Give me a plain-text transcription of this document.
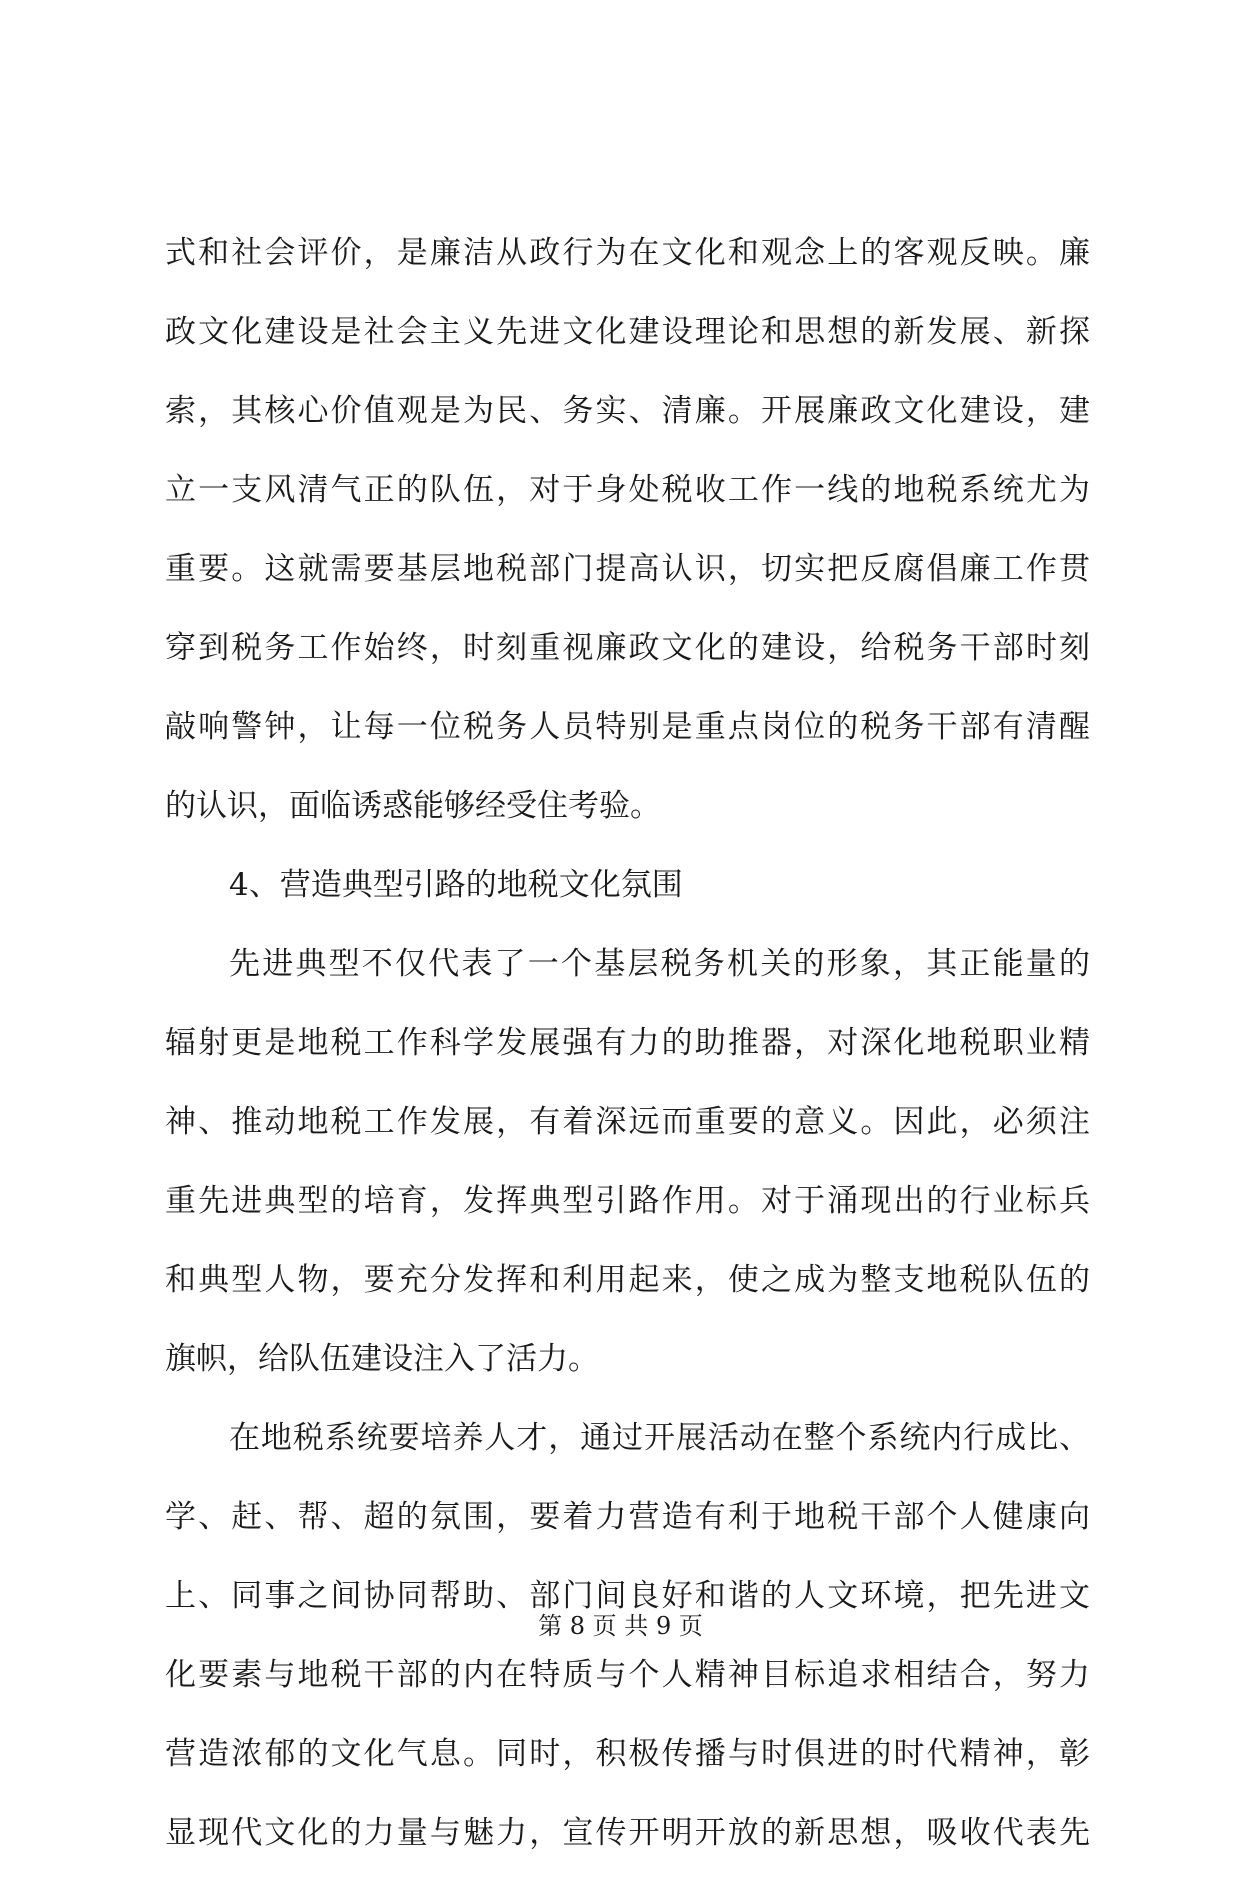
式和社会评价，是廉洁从政行为在文化和观念上的客观反映。廉
政文化建设是社会主义先进文化建设理论和思想的新发展、新探
索，其核心价值观是为民、务实、清廉。开展廉政文化建设，建
立一支风清气正的队伍，对于身处税收工作一线的地税系统尤为
重要。这就需要基层地税部门提高认识，切实把反腐倡廉工作贯
穿到税务工作始终，时刻重视廉政文化的建设，给税务干部时刻
敲响警钟，让每一位税务人员特别是重点岗位的税务干部有清醒
的认识，面临诱惑能够经受住考验。
4、营造典型引路的地税文化氛围
先进典型不仅代表了一个基层税务机关的形象，其正能量的
辐射更是地税工作科学发展强有力的助推器，对深化地税职业精
神、推动地税工作发展，有着深远而重要的意义。因此，必须注
重先进典型的培育，发挥典型引路作用。对于涌现出的行业标兵
和典型人物，要充分发挥和利用起来，使之成为整支地税队伍的
旗帜，给队伍建设注入了活力。
在地税系统要培养人才，通过开展活动在整个系统内行成比、
学、赶、帮、超的氛围，要着力营造有利于地税干部个人健康向
上、同事之间协同帮助、部门间良好和谐的人文环境，把先进文
化要素与地税干部的内在特质与个人精神目标追求相结合，努力
营造浓郁的文化气息。同时，积极传播与时俱进的时代精神，彰
显现代文化的力量与魅力，宣传开明开放的新思想，吸收代表先
第 8 页 共 9 页
